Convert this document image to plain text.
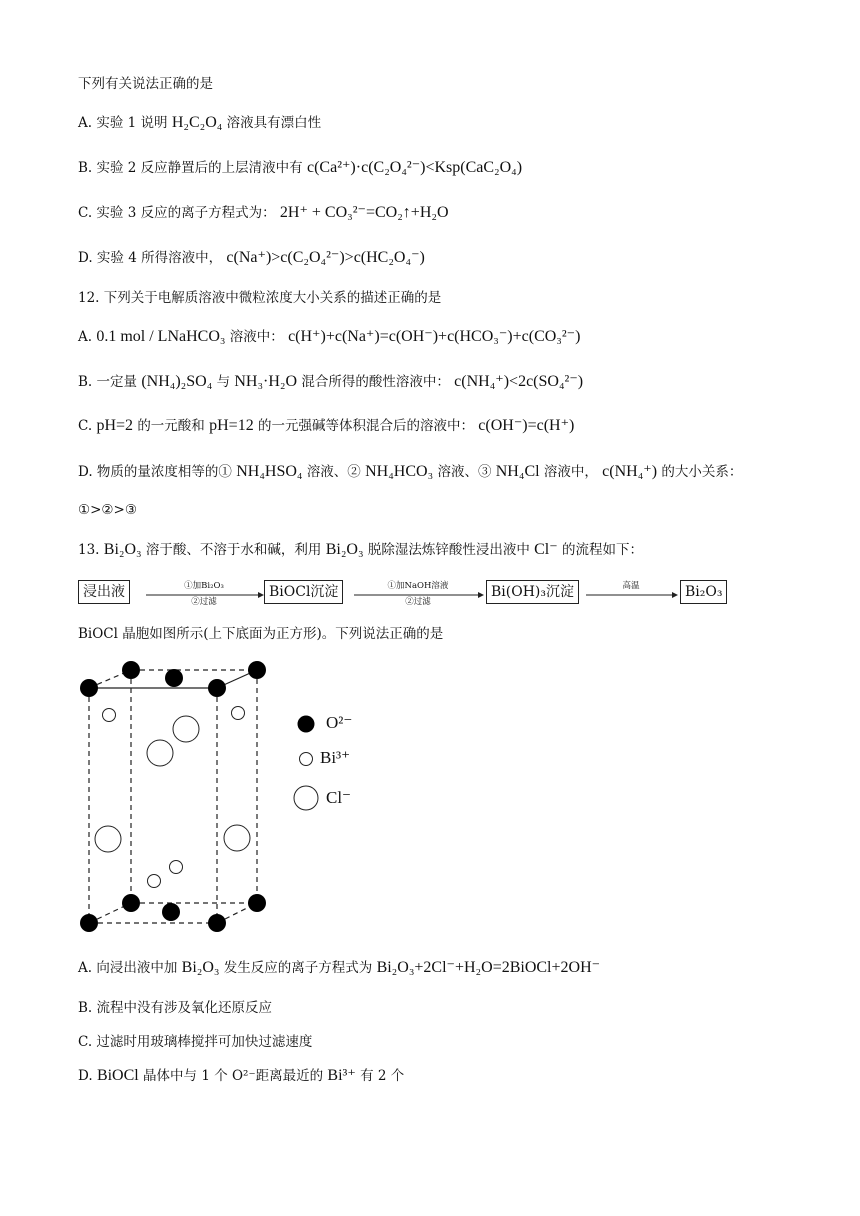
下列有关说法正确的是
A. 实验 1 说明 H₂C₂O₄ 溶液具有漂白性
B. 实验 2 反应静置后的上层清液中有 c(Ca²⁺)·c(C₂O₄²⁻)<Ksp(CaC₂O₄)
C. 实验 3 反应的离子方程式为： 2H⁺ + CO₃²⁻=CO₂↑+H₂O
D. 实验 4 所得溶液中， c(Na⁺)>c(C₂O₄²⁻)>c(HC₂O₄⁻)
12. 下列关于电解质溶液中微粒浓度大小关系的描述正确的是
A. 0.1 mol / LNaHCO₃ 溶液中： c(H⁺)+c(Na⁺)=c(OH⁻)+c(HCO₃⁻)+c(CO₃²⁻)
B. 一定量 (NH₄)₂SO₄ 与 NH₃·H₂O 混合所得的酸性溶液中： c(NH₄⁺)<2c(SO₄²⁻)
C. pH=2 的一元酸和 pH=12 的一元强碱等体积混合后的溶液中： c(OH⁻)=c(H⁺)
D. 物质的量浓度相等的① NH₄HSO₄ 溶液、② NH₄HCO₃ 溶液、③ NH₄Cl 溶液中， c(NH₄⁺) 的大小关系：
①>②>③
13. Bi₂O₃ 溶于酸、不溶于水和碱，利用 Bi₂O₃ 脱除湿法炼锌酸性浸出液中 Cl⁻ 的流程如下：
浸出液	①加Bi₂O₃
②过滤
BiOCl沉淀	①加NaOH溶液
②过滤
Bi(OH)₃沉淀	高温	Bi₂O₃
BiOCl 晶胞如图所示(上下底面为正方形)。下列说法正确的是
O²⁻
Bi³⁺
Cl⁻
A. 向浸出液中加 Bi₂O₃ 发生反应的离子方程式为 Bi₂O₃+2Cl⁻+H₂O=2BiOCl+2OH⁻
B. 流程中没有涉及氧化还原反应
C. 过滤时用玻璃棒搅拌可加快过滤速度
D. BiOCl 晶体中与 1 个 O²⁻距离最近的 Bi³⁺ 有 2 个
